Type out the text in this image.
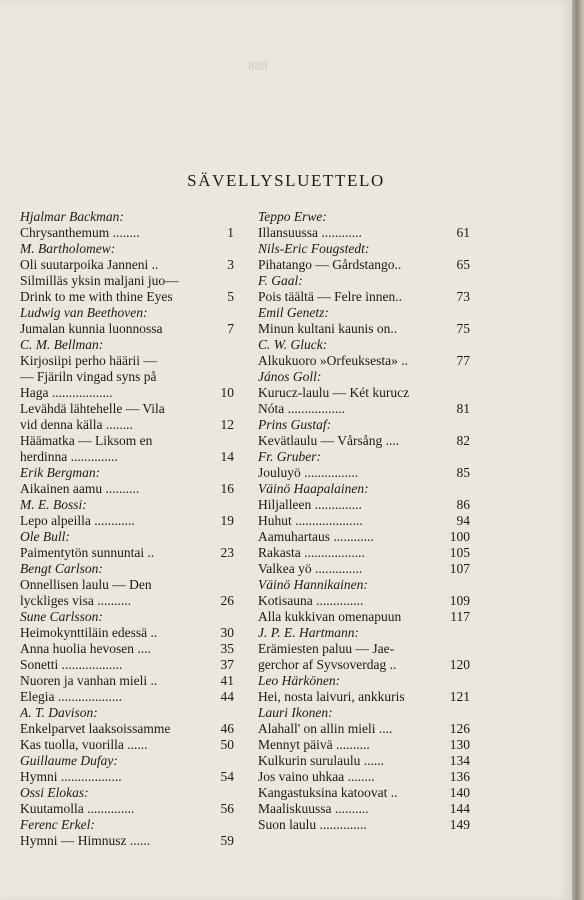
888
SÄVELLYSLUETTELO
Hjalmar Backman:
Chrysanthemum ........	1
M. Bartholomew:
Oli suutarpoika Janneni ..	3
Silmilläs yksin maljani juo—
Drink to me with thine Eyes	5
Ludwig van Beethoven:
Jumalan kunnia luonnossa	7
C. M. Bellman:
Kirjosiipi perho häärii —
— Fjäriln vingad syns på
Haga ..................	10
Levähdä lähtehelle — Vila
vid denna källa ........	12
Häämatka — Liksom en
herdinna ..............	14
Erik Bergman:
Aikainen aamu ..........	16
M. E. Bossi:
Lepo alpeilla ............	19
Ole Bull:
Paimentytön sunnuntai ..	23
Bengt Carlson:
Onnellisen laulu — Den
lyckliges visa ..........	26
Sune Carlsson:
Heimokynttiläin edessä ..	30
Anna huolia hevosen ....	35
Sonetti ..................	37
Nuoren ja vanhan mieli ..	41
Elegia ...................	44
A. T. Davison:
Enkelparvet laaksoissamme	46
Kas tuolla, vuorilla ......	50
Guillaume Dufay:
Hymni ..................	54
Ossi Elokas:
Kuutamolla ..............	56
Ferenc Erkel:
Hymni — Himnusz ......	59
Teppo Erwe:
Illansuussa ............	61
Nils-Eric Fougstedt:
Pihatango — Gårdstango..	65
F. Gaal:
Pois täältä — Felre innen..	73
Emil Genetz:
Minun kultani kaunis on..	75
C. W. Gluck:
Alkukuoro »Orfeuksesta» ..	77
János Goll:
Kurucz-laulu — Két kurucz
Nóta .................	81
Prins Gustaf:
Kevätlaulu — Vårsång ....	82
Fr. Gruber:
Jouluyö ................	85
Väinö Haapalainen:
Hiljalleen ..............	86
Huhut ....................	94
Aamuhartaus ............	100
Rakasta ..................	105
Valkea yö ..............	107
Väinö Hannikainen:
Kotisauna ..............	109
Alla kukkivan omenapuun	117
J. P. E. Hartmann:
Erämiesten paluu — Jae-
gerchor af Syvsoverdag ..	120
Leo Härkönen:
Hei, nosta laivuri, ankkuris	121
Lauri Ikonen:
Alahall' on allin mieli ....	126
Mennyt päivä ..........	130
Kulkurin surulaulu ......	134
Jos vaino uhkaa ........	136
Kangastuksina katoovat ..	140
Maaliskuussa ..........	144
Suon laulu ..............	149
